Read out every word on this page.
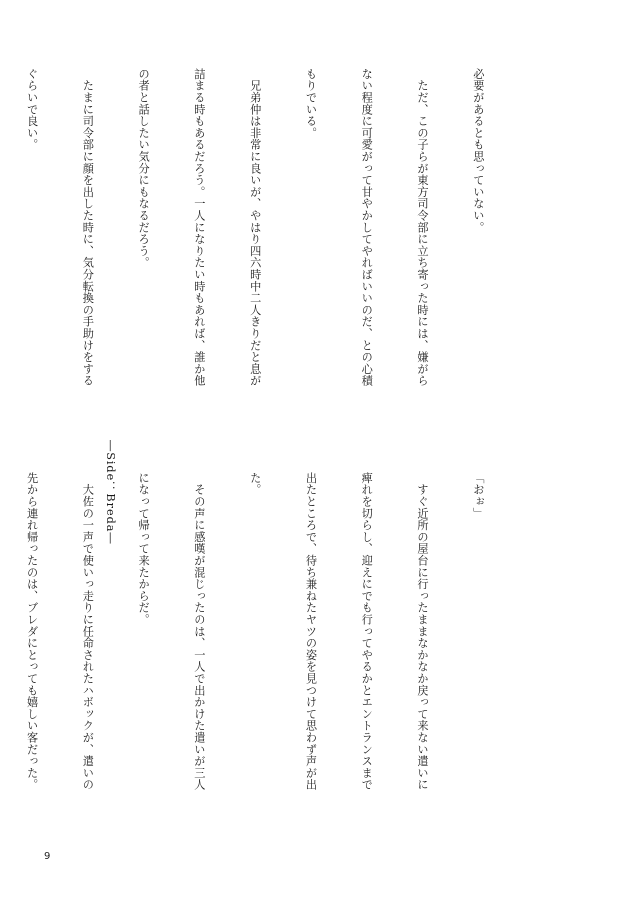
必要があるとも思っていない。

　ただ、この子らが東方司令部に立ち寄った時には、嫌がら

ない程度に可愛がって甘やかしてやればいいのだ、との心積

もりでいる。

　兄弟仲は非常に良いが、やはり四六時中二人きりだと息が

詰まる時もあるだろう。一人になりたい時もあれば、誰か他

の者と話したい気分にもなるだろう。

　たまに司令部に顔を出した時に、気分転換の手助けをする

ぐらいで良い。

―Side：Breda―

	「おぉ」

　すぐ近所の屋台に行ったままなかなか戻って来ない遣いに

痺れを切らし、迎えにでも行ってやるかとエントランスまで

出たところで、待ち兼ねたヤツの姿を見つけて思わず声が出

た。

　その声に感嘆が混じったのは、一人で出かけた遣いが三人

になって帰って来たからだ。

　大佐の一声で使いっ走りに任命されたハボックが、遣いの

先から連れ帰ったのは、ブレダにとっても嬉しい客だった。

9
